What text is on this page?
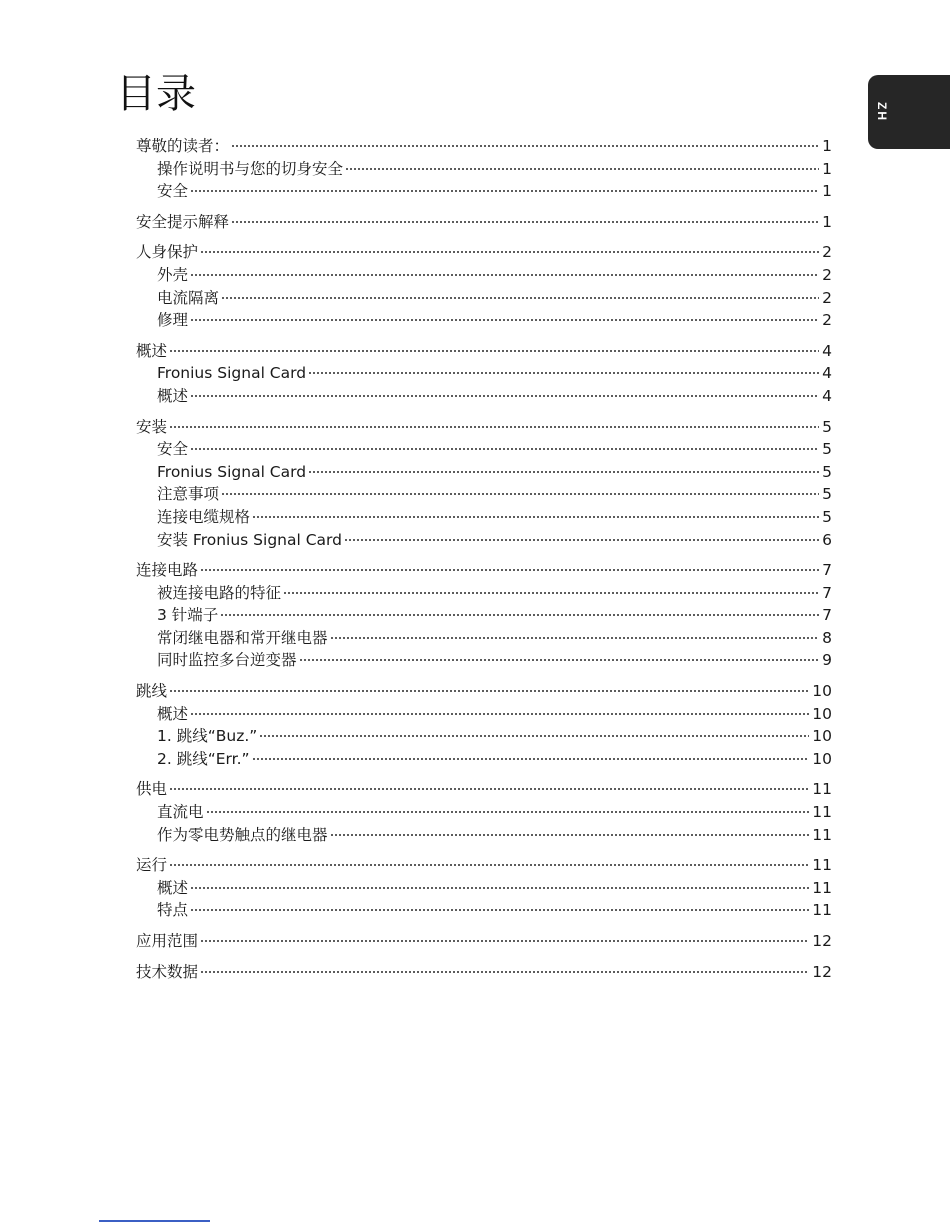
目录	ZH
尊敬的读者：	1
操作说明书与您的切身安全	1
安全	1
安全提示解释	1
人身保护	2
外壳	2
电流隔离	2
修理	2
概述	4
Fronius Signal Card	4
概述	4
安装	5
安全	5
Fronius Signal Card	5
注意事项	5
连接电缆规格	5
安装 Fronius Signal Card	6
连接电路	7
被连接电路的特征	7
3 针端子	7
常闭继电器和常开继电器	8
同时监控多台逆变器	9
跳线	10
概述	10
1. 跳线“Buz.”	10
2. 跳线“Err.”	10
供电	11
直流电	11
作为零电势触点的继电器	11
运行	11
概述	11
特点	11
应用范围	12
技术数据	12
